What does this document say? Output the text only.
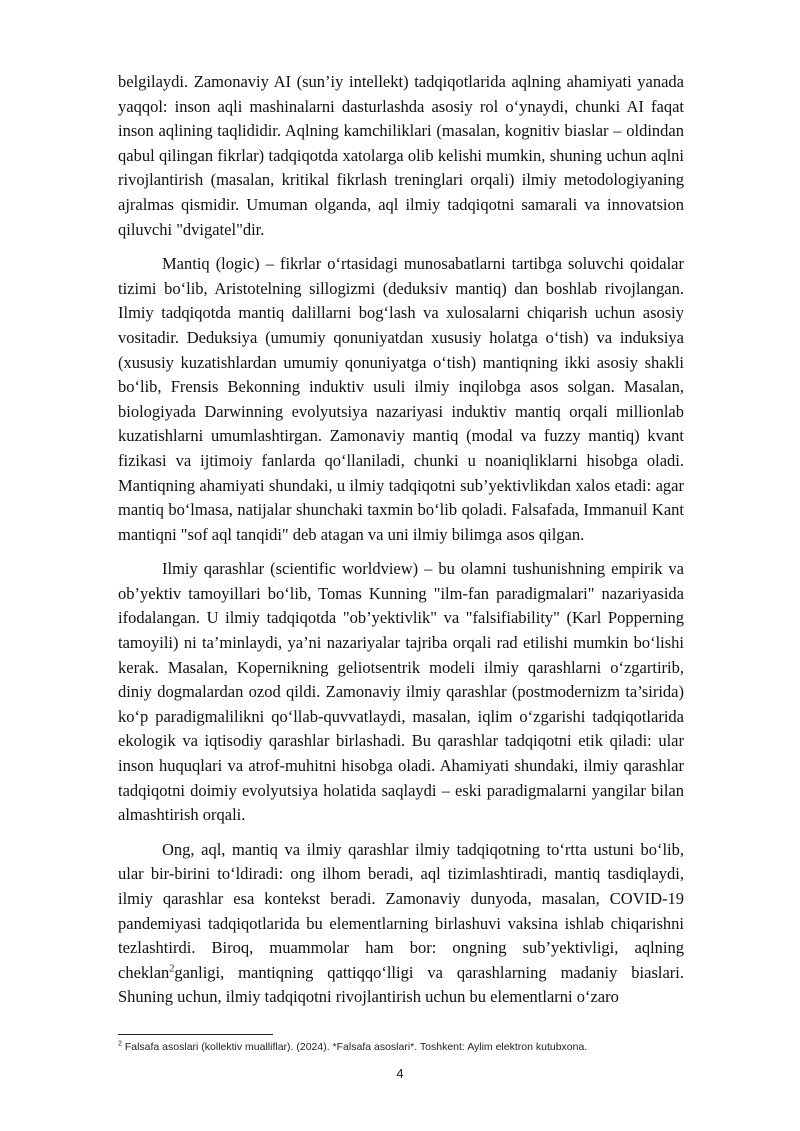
belgilaydi. Zamonaviy AI (sun’iy intellekt) tadqiqotlarida aqlning ahamiyati yanada yaqqol: inson aqli mashinalarni dasturlashda asosiy rol o‘ynaydi, chunki AI faqat inson aqlining taqlididir. Aqlning kamchiliklari (masalan, kognitiv biaslar – oldindan qabul qilingan fikrlar) tadqiqotda xatolarga olib kelishi mumkin, shuning uchun aqlni rivojlantirish (masalan, kritikal fikrlash treninglari orqali) ilmiy metodologiyaning ajralmas qismidir. Umuman olganda, aql ilmiy tadqiqotni samarali va innovatsion qiluvchi "dvigatel"dir.

Mantiq (logic) – fikrlar o‘rtasidagi munosabatlarni tartibga soluvchi qoidalar tizimi bo‘lib, Aristotelning sillogizmi (deduksiv mantiq) dan boshlab rivojlangan. Ilmiy tadqiqotda mantiq dalillarni bog‘lash va xulosalarni chiqarish uchun asosiy vositadir. Deduksiya (umumiy qonuniyatdan xususiy holatga o‘tish) va induksiya (xususiy kuzatishlardan umumiy qonuniyatga o‘tish) mantiqning ikki asosiy shakli bo‘lib, Frensis Bekonning induktiv usuli ilmiy inqilobga asos solgan. Masalan, biologiyada Darwinning evolyutsiya nazariyasi induktiv mantiq orqali millionlab kuzatishlarni umumlashtirgan. Zamonaviy mantiq (modal va fuzzy mantiq) kvant fizikasi va ijtimoiy fanlarda qo‘llaniladi, chunki u noaniqliklarni hisobga oladi. Mantiqning ahamiyati shundaki, u ilmiy tadqiqotni sub’yektivlikdan xalos etadi: agar mantiq bo‘lmasa, natijalar shunchaki taxmin bo‘lib qoladi. Falsafada, Immanuil Kant mantiqni "sof aql tanqidi" deb atagan va uni ilmiy bilimga asos qilgan.

Ilmiy qarashlar (scientific worldview) – bu olamni tushunishning empirik va ob’yektiv tamoyillari bo‘lib, Tomas Kunning "ilm-fan paradigmalari" nazariyasida ifodalangan. U ilmiy tadqiqotda "ob’yektivlik" va "falsifiability" (Karl Popperning tamoyili) ni ta’minlaydi, ya’ni nazariyalar tajriba orqali rad etilishi mumkin bo‘lishi kerak. Masalan, Kopernikning geliotsentrik modeli ilmiy qarashlarni o‘zgartirib, diniy dogmalardan ozod qildi. Zamonaviy ilmiy qarashlar (postmodernizm ta’sirida) ko‘p paradigmalilikni qo‘llab-quvvatlaydi, masalan, iqlim o‘zgarishi tadqiqotlarida ekologik va iqtisodiy qarashlar birlashadi. Bu qarashlar tadqiqotni etik qiladi: ular inson huquqlari va atrof-muhitni hisobga oladi. Ahamiyati shundaki, ilmiy qarashlar tadqiqotni doimiy evolyutsiya holatida saqlaydi – eski paradigmalarni yangilar bilan almashtirish orqali.

Ong, aql, mantiq va ilmiy qarashlar ilmiy tadqiqotning to‘rtta ustuni bo‘lib, ular bir-birini to‘ldiradi: ong ilhom beradi, aql tizimlashtiradi, mantiq tasdiqlaydi, ilmiy qarashlar esa kontekst beradi. Zamonaviy dunyoda, masalan, COVID-19 pandemiyasi tadqiqotlarida bu elementlarning birlashuvi vaksina ishlab chiqarishni tezlashtirdi. Biroq, muammolar ham bor: ongning sub’yektivligi, aqlning cheklan$^2$ganligi, mantiqning qattiqqo‘lligi va qarashlarning madaniy biaslari. Shuning uchun, ilmiy tadqiqotni rivojlantirish uchun bu elementlarni o‘zaro

$^2$ Falsafa asoslari (kollektiv mualliflar). (2024). *Falsafa asoslari*. Toshkent: Aylim elektron kutubxona.
4
